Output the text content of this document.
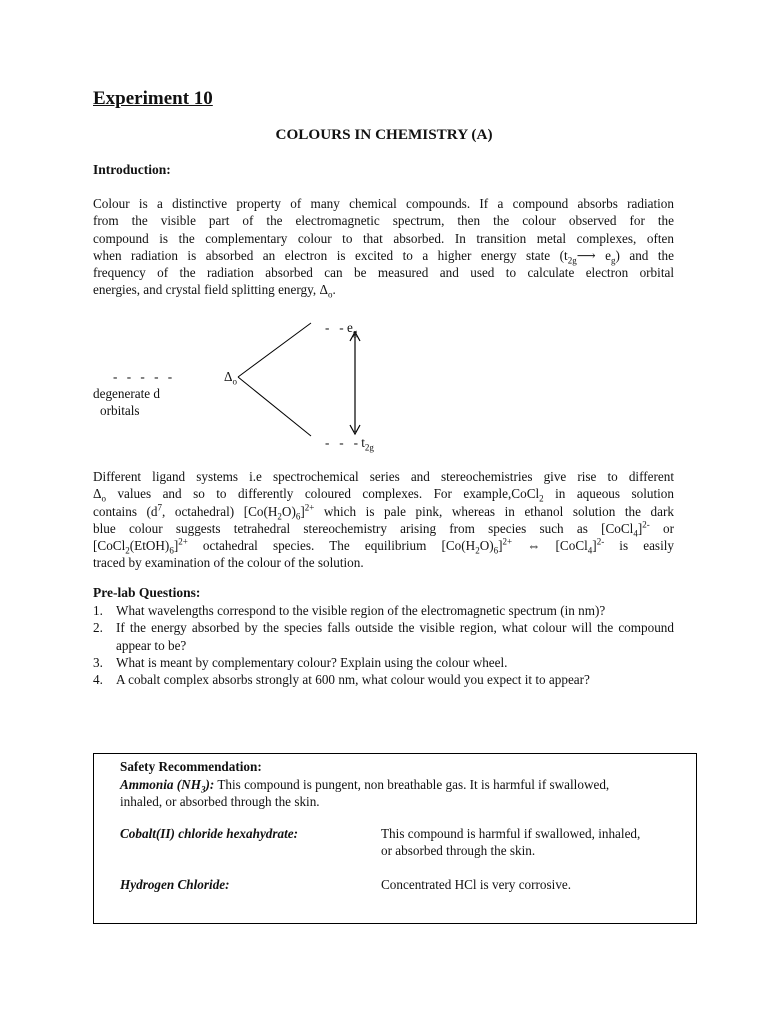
Experiment 10
COLOURS IN CHEMISTRY (A)
Introduction:
Colour is a distinctive property of many chemical compounds. If a compound absorbs radiation
from the visible part of the electromagnetic spectrum, then the colour observed for the
compound is the complementary colour to that absorbed. In transition metal complexes, often
when radiation is absorbed an electron is excited to a higher energy state ($t_{2g}⟶$ $e_g$) and the
frequency of the radiation absorbed can be measured and used to calculate electron orbital
energies, and crystal field splitting energy, $\Delta_o$.
- - - - -
degenerate d
orbitals
$\Delta_o$
-   - $e_g$
-   -   - $t_{2g}$
Different ligand systems i.e spectrochemical series and stereochemistries give rise to different
$\Delta_o$ values and so to differently coloured complexes. For example,CoCl$_2$ in aqueous solution
contains ($d^7$, octahedral) $[Co(H_2O)_6]^{2+}$ which is pale pink, whereas in ethanol solution the dark
blue colour suggests tetrahedral stereochemistry arising from species such as [CoCl$_4$]$^{2-}$ or
$[CoCl_2(EtOH)_6]^{2+}$ octahedral species. The equilibrium $[Co(H_2O)_6]^{2+}$ ⇔ [CoCl$_4$]$^{2-}$ is easily
traced by examination of the colour of the solution.
Pre-lab Questions:
1. What wavelengths correspond to the visible region of the electromagnetic spectrum (in nm)?
2. If the energy absorbed by the species falls outside the visible region, what colour will the compound appear to be?
3. What is meant by complementary colour? Explain using the colour wheel.
4. A cobalt complex absorbs strongly at 600 nm, what colour would you expect it to appear?
Safety Recommendation:
Ammonia $(NH_3)$: This compound is pungent, non breathable gas. It is harmful if swallowed,
inhaled, or absorbed through the skin.
Cobalt(II) chloride hexahydrate:	This compound is harmful if swallowed, inhaled,
or absorbed through the skin.
Hydrogen Chloride:	Concentrated HCl is very corrosive.
